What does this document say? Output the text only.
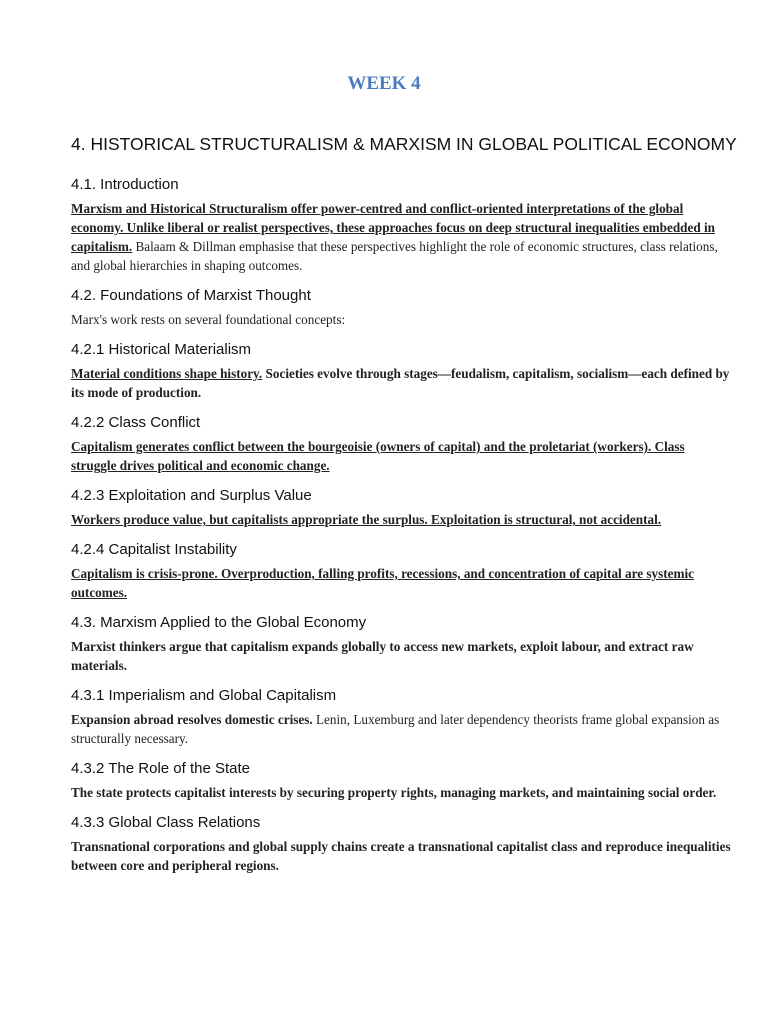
WEEK 4
4. HISTORICAL STRUCTURALISM & MARXISM IN GLOBAL POLITICAL ECONOMY
4.1. Introduction

Marxism and Historical Structuralism offer power-centred and conflict-oriented interpretations of the global economy. Unlike liberal or realist perspectives, these approaches focus on deep structural inequalities embedded in capitalism. Balaam & Dillman emphasise that these perspectives highlight the role of economic structures, class relations, and global hierarchies in shaping outcomes.

4.2. Foundations of Marxist Thought

Marx's work rests on several foundational concepts:

4.2.1 Historical Materialism

Material conditions shape history. Societies evolve through stages—feudalism, capitalism, socialism—each defined by its mode of production.

4.2.2 Class Conflict

Capitalism generates conflict between the bourgeoisie (owners of capital) and the proletariat (workers). Class struggle drives political and economic change.

4.2.3 Exploitation and Surplus Value

Workers produce value, but capitalists appropriate the surplus. Exploitation is structural, not accidental.

4.2.4 Capitalist Instability

Capitalism is crisis-prone. Overproduction, falling profits, recessions, and concentration of capital are systemic outcomes.

4.3. Marxism Applied to the Global Economy

Marxist thinkers argue that capitalism expands globally to access new markets, exploit labour, and extract raw materials.

4.3.1 Imperialism and Global Capitalism

Expansion abroad resolves domestic crises. Lenin, Luxemburg and later dependency theorists frame global expansion as structurally necessary.

4.3.2 The Role of the State

The state protects capitalist interests by securing property rights, managing markets, and maintaining social order.

4.3.3 Global Class Relations

Transnational corporations and global supply chains create a transnational capitalist class and reproduce inequalities between core and peripheral regions.
